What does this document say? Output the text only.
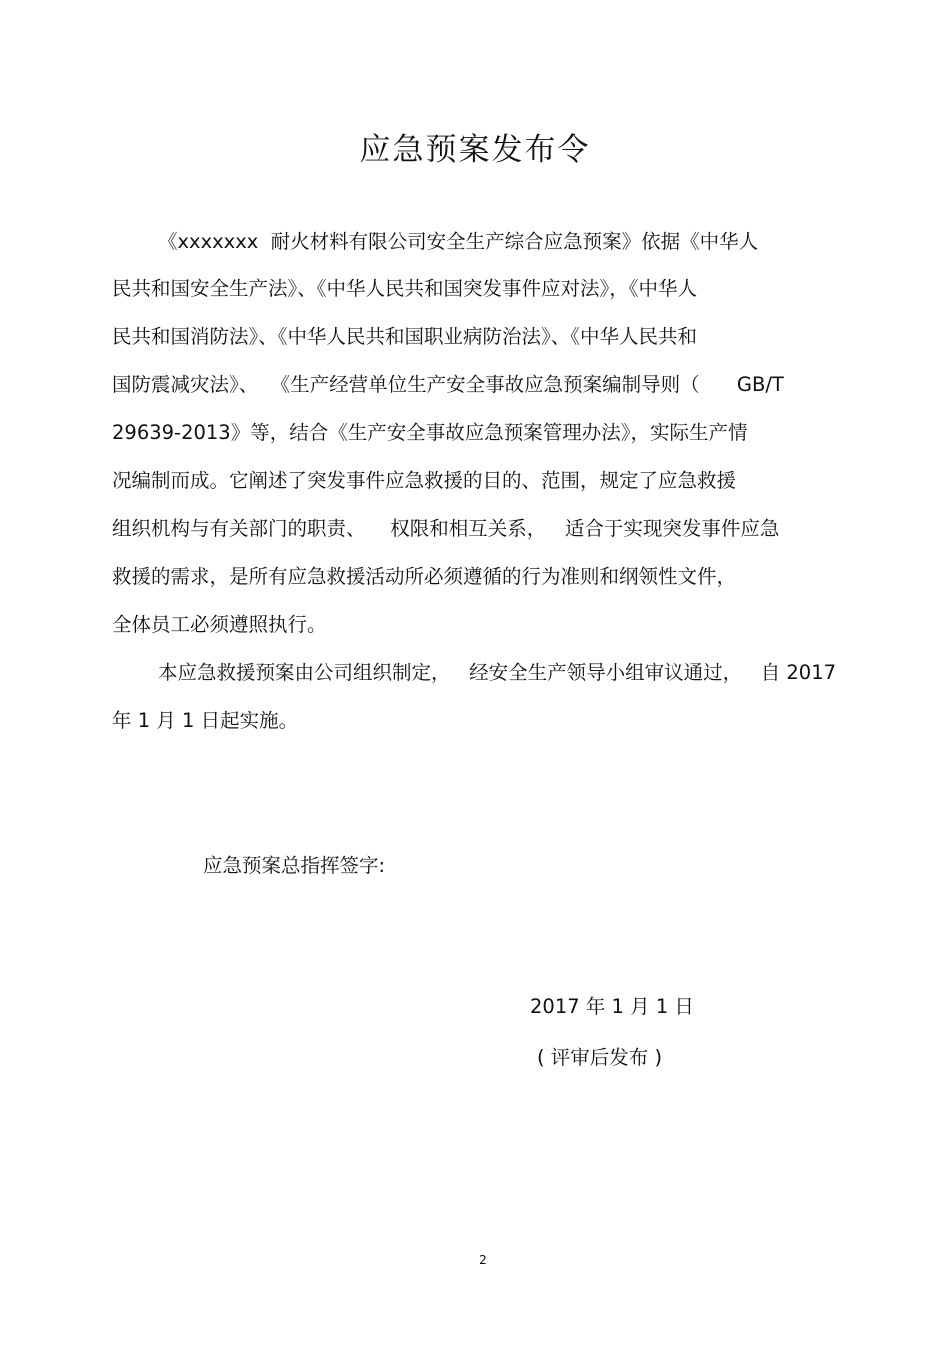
应急预案发布令
《xxxxxxx  耐火材料有限公司安全生产综合应急预案》依据《中华人
民共和国安全生产法》、《中华人民共和国突发事件应对法》，《中华人
民共和国消防法》、《中华人民共和国职业病防治法》、《中华人民共和
国防震减灾法》、  《生产经营单位生产安全事故应急预案编制导则（      GB/T
29639-2013》等，结合《生产安全事故应急预案管理办法》，实际生产情
况编制而成。它阐述了突发事件应急救援的目的、范围，规定了应急救援
组织机构与有关部门的职责、    权限和相互关系，   适合于实现突发事件应急
救援的需求，是所有应急救援活动所必须遵循的行为准则和纲领性文件，
全体员工必须遵照执行。
本应急救援预案由公司组织制定，   经安全生产领导小组审议通过，   自 2017
年 1 月 1 日起实施。
应急预案总指挥签字:
2017 年 1 月 1 日
( 评审后发布 )
2
